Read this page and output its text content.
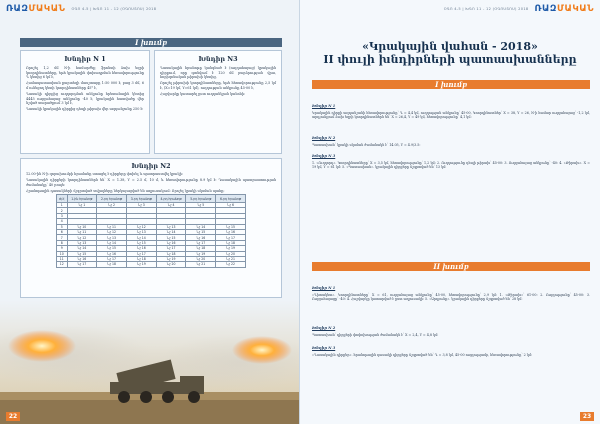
ՌԱԶՄԱԿԱՆ ՕԳՈ 4-5 | ԽԳՈ 11 - 12 (ՕԳՈՍՏՈՍ) 2018
I խումբ
Խնդիր N 1

Որոշել 1,2 մմ N-ի համարժեք ֆրոնտի ձախ եզրի կոորդինատները, եթե կրակային փոխադրման հեռավորությունը Դ կետից 6 կմ է,

Համապատասխան քարտեզի մասշտաբը 1:50 000 է, բաց 3 մմ, 6 մ ունեցող կետի կոորդինատները 45° է,

Դասակի դիրքից ուղղորդման անկյունը հրետանային կետից 4445 ուղղահայաց անկյունը -40 է, կրակային հատվածը վեր նշված տարածքում 3 կմ է,

Դասակի կրակային դիրքից դեպի թիրախ վեր ազդանշանը 250 է։

Խնդիր N3

Դասակային հրանոթը կանգնած է (ուղղահայաց) կրակային դիրքում, որը գտնվում է 120 մմ բարձրության վրա, հորիզոնական թիրախի կետից,

Որոշել թիրախի կոորդինատները, եթե հեռավորությունը 2,5 կմ է, (X=19 կմ, Y=61 կմ), ուղղության անկյունը 45-00 է,

Հաշվարկը կատարել ըստ ուղղանկյան կանոնի։

Խնդիր N2

12.00-ին N-ի զորախումբի հրամանը ստացել է դիրքերը փոխել և պատրաստվել կրակի։

Դասակային դիրքերի կոորդինատներն են՝ X = 1.38, Y = 2.5 մ, 10 մ, և հեռավորությունը 8.9 կմ է։ Դասակային պատրաստության ժամանակը՝ 40 րոպե։

Հրանոթային դասակների ճշգրտված տվյալները ներկայացված են աղյուսակում։ Որոշել կրակի սկսման պահը։

Ժ/Հ	1-ին հրանոթ	2-րդ հրանոթ	3-րդ հրանոթ	4-րդ հրանոթ	5-րդ հրանոթ	6-րդ հրանոթ
1	Նշ 1	Նշ 2	Նշ 3	Նշ 4	Նշ 5	Նշ 6
2						
3						
4						
5	Նշ 10	Նշ 11	Նշ 12	Նշ 13	Նշ 14	Նշ 15
6	Նշ 11	Նշ 12	Նշ 13	Նշ 14	Նշ 15	Նշ 16
7	Նշ 12	Նշ 13	Նշ 14	Նշ 15	Նշ 16	Նշ 17
8	Նշ 13	Նշ 14	Նշ 15	Նշ 16	Նշ 17	Նշ 18
9	Նշ 14	Նշ 15	Նշ 16	Նշ 17	Նշ 18	Նշ 19
10	Նշ 15	Նշ 16	Նշ 17	Նշ 18	Նշ 19	Նշ 20
11	Նշ 16	Նշ 17	Նշ 18	Նշ 19	Նշ 20	Նշ 21
12	Նշ 17	Նշ 18	Նշ 19	Նշ 20	Նշ 21	Նշ 22
22
ՕԳՈ 4-5 | ԽԳՈ 11 - 12 (ՕԳՈՍՏՈՍ) 2018 ՌԱԶՄԱԿԱՆ
«Կրակային վահան - 2018»
II փուլի խնդիրների պատասխանները
I խումբ
Խնդիր N 1
Կրակային դիրքի ազդանշանի հեռավորությունը՝ Դ = 4,4 կմ, ուղղության անկյունը՝ 45-00, Կոորդինատներ՝ X = 38, Y = 26, N-ի համար ուղղահայաց՝ -1,2 կմ, արդյունքում ձախ եզրի կոորդինատներն են՝ X = 26,4, Y = 49 կմ, հեռավորությունը՝ 4,1 կմ։
Խնդիր N 2
Պատասխան՝ կրակի սկսման ժամանակն է՝ 14.05, Y = 4.9/3.5։
Խնդիր N 3
1. «Ուղղորդ». Կոորդինատները՝ X = 3,5 կմ, հեռավորությունը՝ 1,2 կմ։ 2. Ուղղությունը դեպի թիրախ՝ 45-00։ 3. Ուղղահայաց անկյունը՝ -40։ 4. «Թիրախ». X = 19 կմ, Y = 61 կմ։ 5. «Պատասխան». կրակային դիրքերը ճշգրտված են՝ 13 կմ։
II խումբ
Խնդիր N 1
«Դիտակետ». Կոորդինատները՝ X = 61, ուղղահայաց անկյունը՝ 45-00, հեռավորությունը՝ 2,9 կմ։ 1. «Թիրախ»՝ 61-00։ 2. Ուղղությունը՝ 45-00։ 3. Ուղղահայացը՝ -40։ 4. Հաշվարկը կատարված է ըստ աղյուսակի։ 5. «Արդյունք». կրակային դիրքերը ճշգրտված են՝ 28 կմ։
Խնդիր N 2
Պատասխան՝ դիրքերի փոփոխության ժամանակն է՝ X = 2,4, Y = 4,8 կմ։
Խնդիր N 3
«Դասակային դիրքեր». հրանոթային դասակի դիրքերը ճշգրտված են՝ Դ = 3,8 կմ, 45-00 ուղղությամբ, հեռավորությունը՝ 2 կմ։
23
